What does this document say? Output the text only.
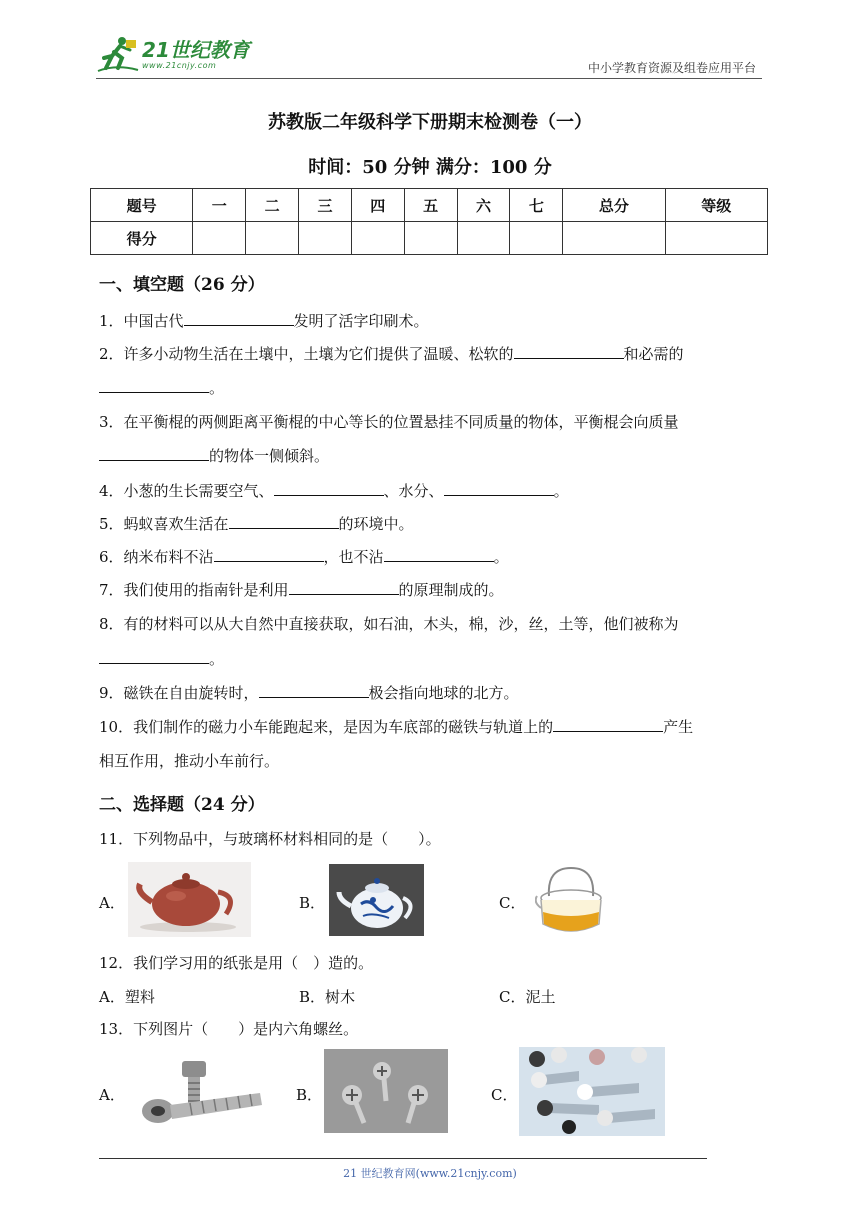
21世纪教育
www.21cnjy.com	中小学教育资源及组卷应用平台
苏教版二年级科学下册期末检测卷（一）
时间：50 分钟 满分：100 分
题号	一	二	三	四	五	六	七	总分	等级
得分									
一、填空题（26 分）
1．中国古代	发明了活字印刷术。
2．许多小动物生活在土壤中，土壤为它们提供了温暖、松软的	和必需的
。
3．在平衡棍的两侧距离平衡棍的中心等长的位置悬挂不同质量的物体，平衡棍会向质量
的物体一侧倾斜。
4．小葱的生长需要空气、	、水分、	。
5．蚂蚁喜欢生活在	的环境中。
6．纳米布料不沾	，也不沾	。
7．我们使用的指南针是利用	的原理制成的。
8．有的材料可以从大自然中直接获取，如石油，木头，棉，沙，丝，土等，他们被称为
。
9．磁铁在自由旋转时，	极会指向地球的北方。
10．我们制作的磁力小车能跑起来，是因为车底部的磁铁与轨道上的	产生
相互作用，推动小车前行。
二、选择题（24 分）
11．下列物品中，与玻璃杯材料相同的是（　　）。
A．	B．	C．
12．我们学习用的纸张是用（　）造的。
A．塑料	B．树木	C．泥土
13．下列图片（　　）是内六角螺丝。
A．	B．	C．
21 世纪教育网(www.21cnjy.com)
